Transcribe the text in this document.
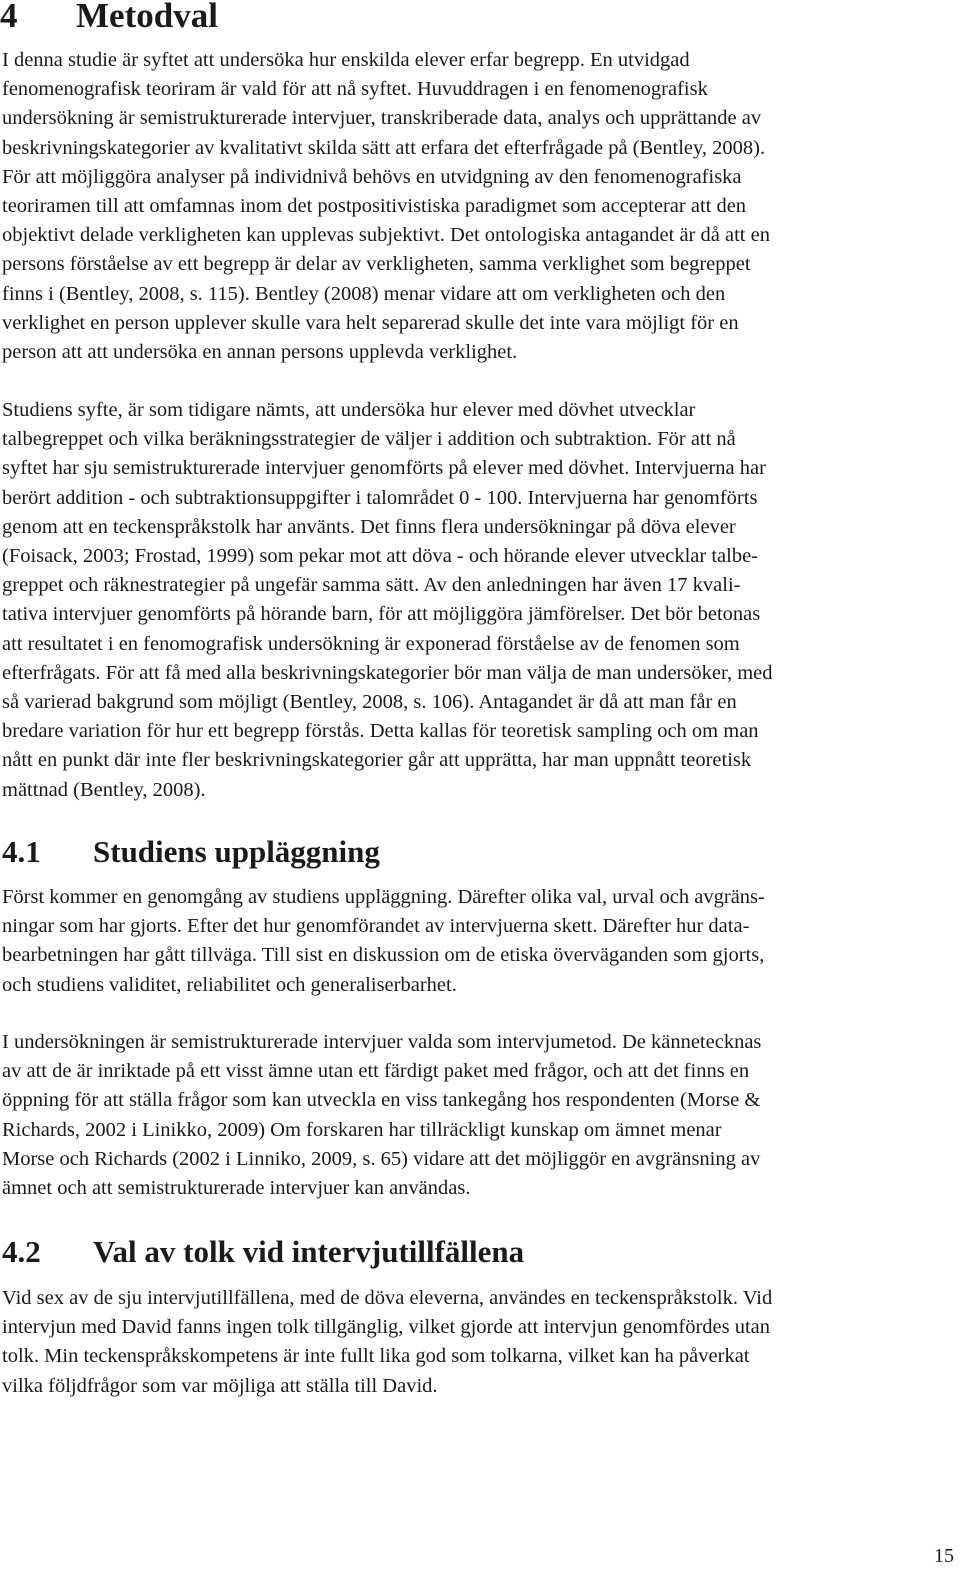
4 Metodval

I denna studie är syftet att undersöka hur enskilda elever erfar begrepp. En utvidgad
fenomenografisk teoriram är vald för att nå syftet. Huvuddragen i en fenomenografisk
undersökning är semistrukturerade intervjuer, transkriberade data, analys och upprättande av
beskrivningskategorier av kvalitativt skilda sätt att erfara det efterfrågade på (Bentley, 2008).
För att möjliggöra analyser på individnivå behövs en utvidgning av den fenomenografiska
teoriramen till att omfamnas inom det postpositivistiska paradigmet som accepterar att den
objektivt delade verkligheten kan upplevas subjektivt. Det ontologiska antagandet är då att en
persons förståelse av ett begrepp är delar av verkligheten, samma verklighet som begreppet
finns i (Bentley, 2008, s. 115). Bentley (2008) menar vidare att om verkligheten och den
verklighet en person upplever skulle vara helt separerad skulle det inte vara möjligt för en
person att att undersöka en annan persons upplevda verklighet.

Studiens syfte, är som tidigare nämts, att undersöka hur elever med dövhet utvecklar
talbegreppet och vilka beräkningsstrategier de väljer i addition och subtraktion. För att nå
syftet har sju semistrukturerade intervjuer genomförts på elever med dövhet. Intervjuerna har
berört addition - och subtraktionsuppgifter i talområdet 0 - 100. Intervjuerna har genomförts
genom att en teckenspråkstolk har använts. Det finns flera undersökningar på döva elever
(Foisack, 2003; Frostad, 1999) som pekar mot att döva - och hörande elever utvecklar talbe-
greppet och räknestrategier på ungefär samma sätt. Av den anledningen har även 17 kvali-
tativa intervjuer genomförts på hörande barn, för att möjliggöra jämförelser. Det bör betonas
att resultatet i en fenomografisk undersökning är exponerad förståelse av de fenomen som
efterfrågats. För att få med alla beskrivningskategorier bör man välja de man undersöker, med
så varierad bakgrund som möjligt (Bentley, 2008, s. 106). Antagandet är då att man får en
bredare variation för hur ett begrepp förstås. Detta kallas för teoretisk sampling och om man
nått en punkt där inte fler beskrivningskategorier går att upprätta, har man uppnått teoretisk
mättnad (Bentley, 2008).

4.1 Studiens uppläggning

Först kommer en genomgång av studiens uppläggning. Därefter olika val, urval och avgräns-
ningar som har gjorts. Efter det hur genomförandet av intervjuerna skett. Därefter hur data-
bearbetningen har gått tillväga. Till sist en diskussion om de etiska överväganden som gjorts,
och studiens validitet, reliabilitet och generaliserbarhet.

I undersökningen är semistrukturerade intervjuer valda som intervjumetod. De kännetecknas
av att de är inriktade på ett visst ämne utan ett färdigt paket med frågor, och att det finns en
öppning för att ställa frågor som kan utveckla en viss tankegång hos respondenten (Morse &
Richards, 2002 i Linikko, 2009) Om forskaren har tillräckligt kunskap om ämnet menar
Morse och Richards (2002 i Linniko, 2009, s. 65) vidare att det möjliggör en avgränsning av
ämnet och att semistrukturerade intervjuer kan användas.

4.2 Val av tolk vid intervjutillfällena

Vid sex av de sju intervjutillfällena, med de döva eleverna, användes en teckenspråkstolk. Vid
intervjun med David fanns ingen tolk tillgänglig, vilket gjorde att intervjun genomfördes utan
tolk. Min teckenspråkskompetens är inte fullt lika god som tolkarna, vilket kan ha påverkat
vilka följdfrågor som var möjliga att ställa till David.

15
